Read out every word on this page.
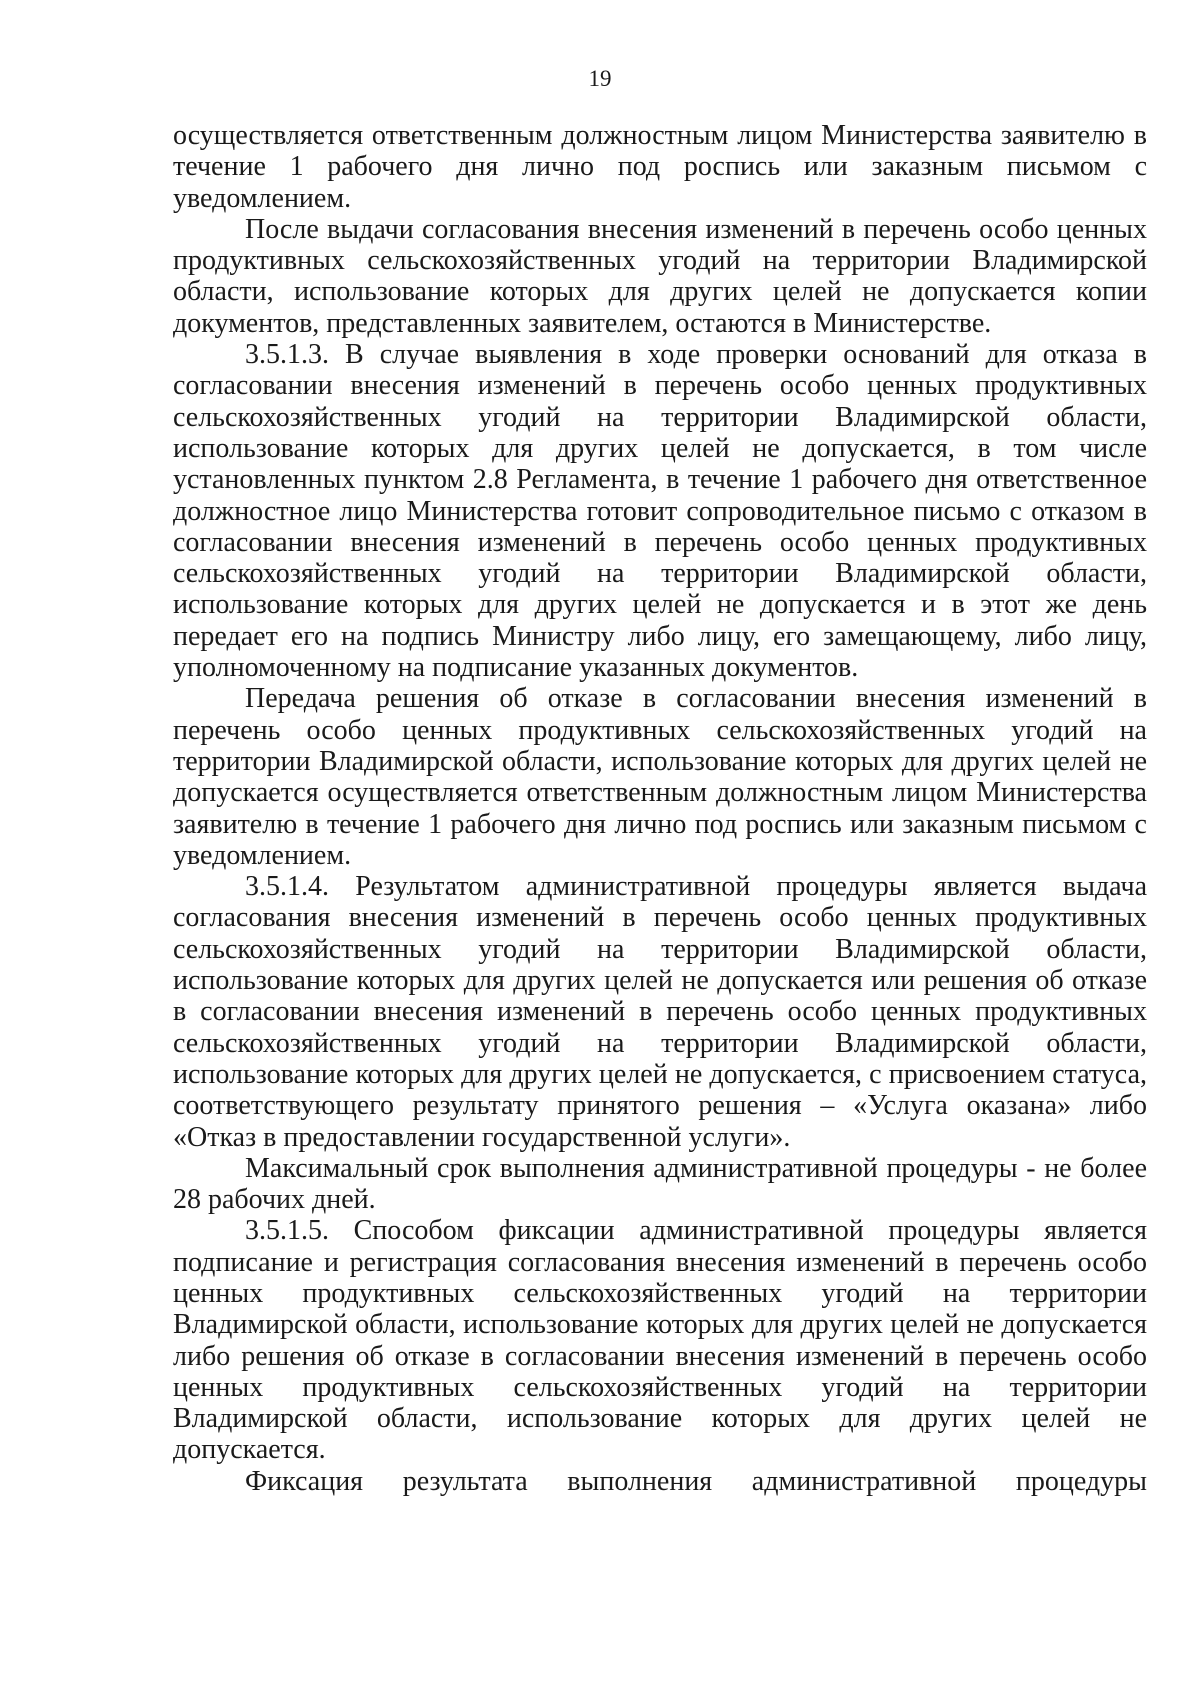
19

осуществляется ответственным должностным лицом Министерства заявителю в течение 1 рабочего дня лично под роспись или заказным письмом с уведомлением.

После выдачи согласования внесения изменений в перечень особо ценных продуктивных сельскохозяйственных угодий на территории Владимирской области, использование которых для других целей не допускается копии документов, представленных заявителем, остаются в Министерстве.

3.5.1.3. В случае выявления в ходе проверки оснований для отказа в согласовании внесения изменений в перечень особо ценных продуктивных сельскохозяйственных угодий на территории Владимирской области, использование которых для других целей не допускается, в том числе установленных пунктом 2.8 Регламента, в течение 1 рабочего дня ответственное должностное лицо Министерства готовит сопроводительное письмо с отказом в согласовании внесения изменений в перечень особо ценных продуктивных сельскохозяйственных угодий на территории Владимирской области, использование которых для других целей не допускается и в этот же день передает его на подпись Министру либо лицу, его замещающему, либо лицу, уполномоченному на подписание указанных документов.

Передача решения об отказе в согласовании внесения изменений в перечень особо ценных продуктивных сельскохозяйственных угодий на территории Владимирской области, использование которых для других целей не допускается осуществляется ответственным должностным лицом Министерства заявителю в течение 1 рабочего дня лично под роспись или заказным письмом с уведомлением.

3.5.1.4. Результатом административной процедуры является выдача согласования внесения изменений в перечень особо ценных продуктивных сельскохозяйственных угодий на территории Владимирской области, использование которых для других целей не допускается или решения об отказе в согласовании внесения изменений в перечень особо ценных продуктивных сельскохозяйственных угодий на территории Владимирской области, использование которых для других целей не допускается, с присвоением статуса, соответствующего результату принятого решения – «Услуга оказана» либо «Отказ в предоставлении государственной услуги».

Максимальный срок выполнения административной процедуры - не более 28 рабочих дней.

3.5.1.5. Способом фиксации административной процедуры является подписание и регистрация согласования внесения изменений в перечень особо ценных продуктивных сельскохозяйственных угодий на территории Владимирской области, использование которых для других целей не допускается либо решения об отказе в согласовании внесения изменений в перечень особо ценных продуктивных сельскохозяйственных угодий на территории Владимирской области, использование которых для других целей не допускается.

Фиксация результата выполнения административной процедуры
